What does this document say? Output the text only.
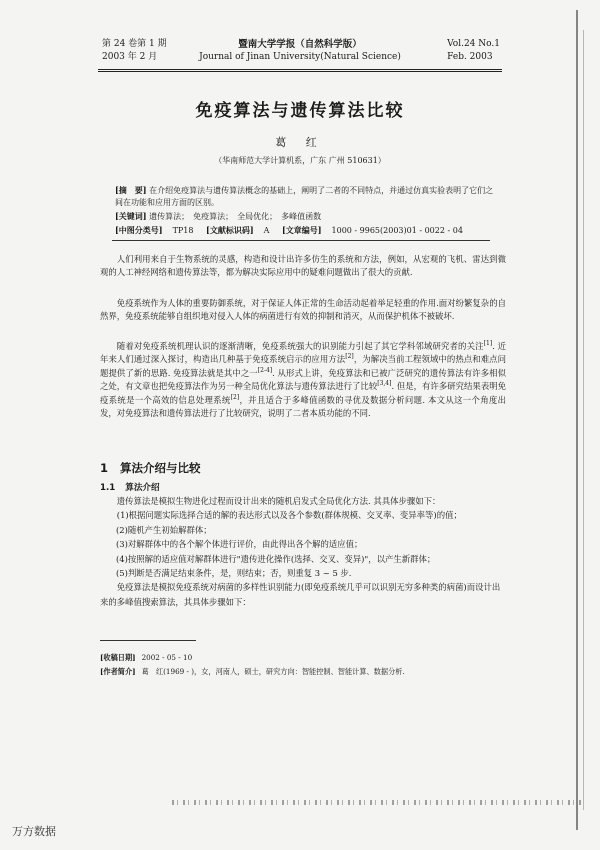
第 24 卷第 1 期
2003 年 2 月
暨南大学学报（自然科学版）
Journal of Jinan University(Natural Science)
Vol.24 No.1
Feb. 2003
免疫算法与遗传算法比较
葛 红
（华南师范大学计算机系，广东 广州 510631）
[摘　要] 在介绍免疫算法与遗传算法概念的基础上，阐明了二者的不同特点，并通过仿真实验表明了它们之间在功能和应用方面的区别。
[关键词] 遗传算法；　免疫算法；　全局优化；　多峰值函数
[中图分类号] TP18 [文献标识码] A [文章编号] 1000 - 9965(2003)01 - 0022 - 04

人们利用来自于生物系统的灵感，构造和设计出许多仿生的系统和方法，例如，从宏观的飞机、雷达到微观的人工神经网络和遗传算法等，都为解决实际应用中的疑难问题做出了很大的贡献.

免疫系统作为人体的重要防御系统，对于保证人体正常的生命活动起着举足轻重的作用.面对纷繁复杂的自然界，免疫系统能够自组织地对侵入人体的病菌进行有效的抑制和消灭，从而保护机体不被破坏.

随着对免疫系统机理认识的逐渐清晰，免疫系统强大的识别能力引起了其它学科邻域研究者的关注[1]. 近年来人们通过深入探讨，构造出几种基于免疫系统启示的应用方法[2]，为解决当前工程领域中的热点和难点问题提供了新的思路. 免疫算法就是其中之一[2-4]. 从形式上讲，免疫算法和已被广泛研究的遗传算法有许多相似之处，有文章也把免疫算法作为另一种全局优化算法与遗传算法进行了比较[3,4]. 但是，有许多研究结果表明免疫系统是一个高效的信息处理系统[2]，并且适合于多峰值函数的寻优及数据分析问题. 本文从这一个角度出发，对免疫算法和遗传算法进行了比较研究，说明了二者本质功能的不同.

1 算法介绍与比较
1.1 算法介绍

遗传算法是模拟生物进化过程而设计出来的随机启发式全局优化方法. 其具体步骤如下：

(1)根据问题实际选择合适的解的表达形式以及各个参数(群体规模、交叉率、变异率等)的值；

(2)随机产生初始解群体；

(3)对解群体中的各个解个体进行评价，由此得出各个解的适应值；

(4)按照解的适应值对解群体进行"遗传进化操作(选择、交叉、变异)"，以产生新群体；

(5)判断是否满足结束条件，是，则结束；否，则重复 3 ~ 5 步.

免疫算法是模拟免疫系统对病菌的多样性识别能力(即免疫系统几乎可以识别无穷多种类的病菌)而设计出来的多峰值搜索算法，其具体步骤如下：

[收稿日期] 2002 - 05 - 10
[作者简介] 葛　红(1969 - )，女，河南人，硕士，研究方向：智能控制、智能计算、数据分析.
万方数据
